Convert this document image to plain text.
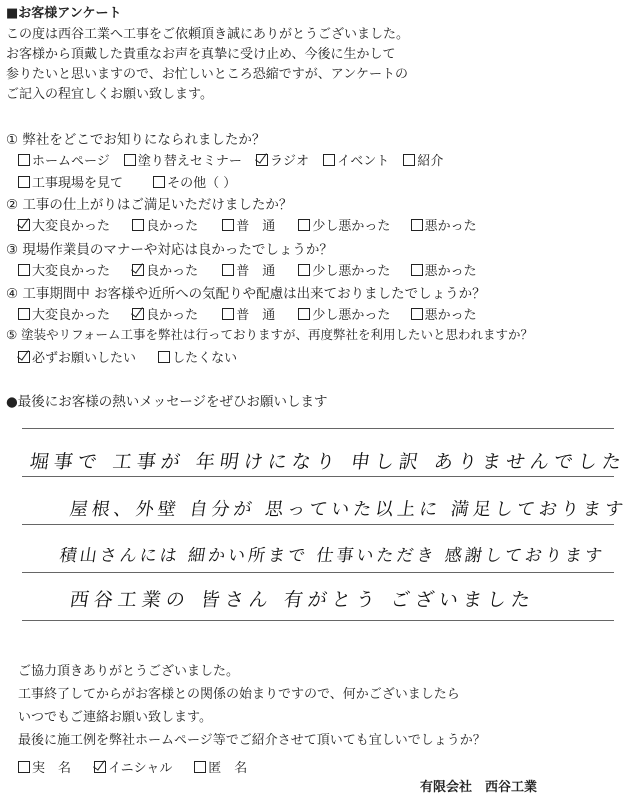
■お客様アンケート
この度は西谷工業へ工事をご依頼頂き誠にありがとうございました。
お客様から頂戴した貴重なお声を真摯に受け止め、今後に生かして
参りたいと思いますので、お忙しいところ恐縮ですが、アンケートの
ご記入の程宜しくお願い致します。
① 弊社をどこでお知りになられましたか？
ホームページ 塗り替えセミナー ラジオ イベント 紹介
工事現場を見て	その他（ ）
② 工事の仕上がりはご満足いただけましたか？
大変良かった	良かった	普　通	少し悪かった	悪かった
③ 現場作業員のマナーや対応は良かったでしょうか？
大変良かった	良かった	普　通	少し悪かった	悪かった
④ 工事期間中 お客様や近所への気配りや配慮は出来ておりましたでしょうか？
大変良かった	良かった	普　通	少し悪かった	悪かった
⑤ 塗装やリフォーム工事を弊社は行っておりますが、再度弊社を利用したいと思われますか？
必ずお願いしたい	したくない
●最後にお客様の熱いメッセージをぜひお願いします
堀事で 工事が 年明けになり 申し訳 ありませんでした
屋根、外壁 自分が 思っていた以上に 満足しております
積山さんには 細かい所まで 仕事いただき 感謝しております
西谷工業の 皆さん 有がとう ございました
ご協力頂きありがとうございました。
工事終了してからがお客様との関係の始まりですので、何かございましたら
いつでもご連絡お願い致します。
最後に施工例を弊社ホームページ等でご紹介させて頂いても宜しいでしょうか？
実　名	イニシャル	匿　名
有限会社　西谷工業
